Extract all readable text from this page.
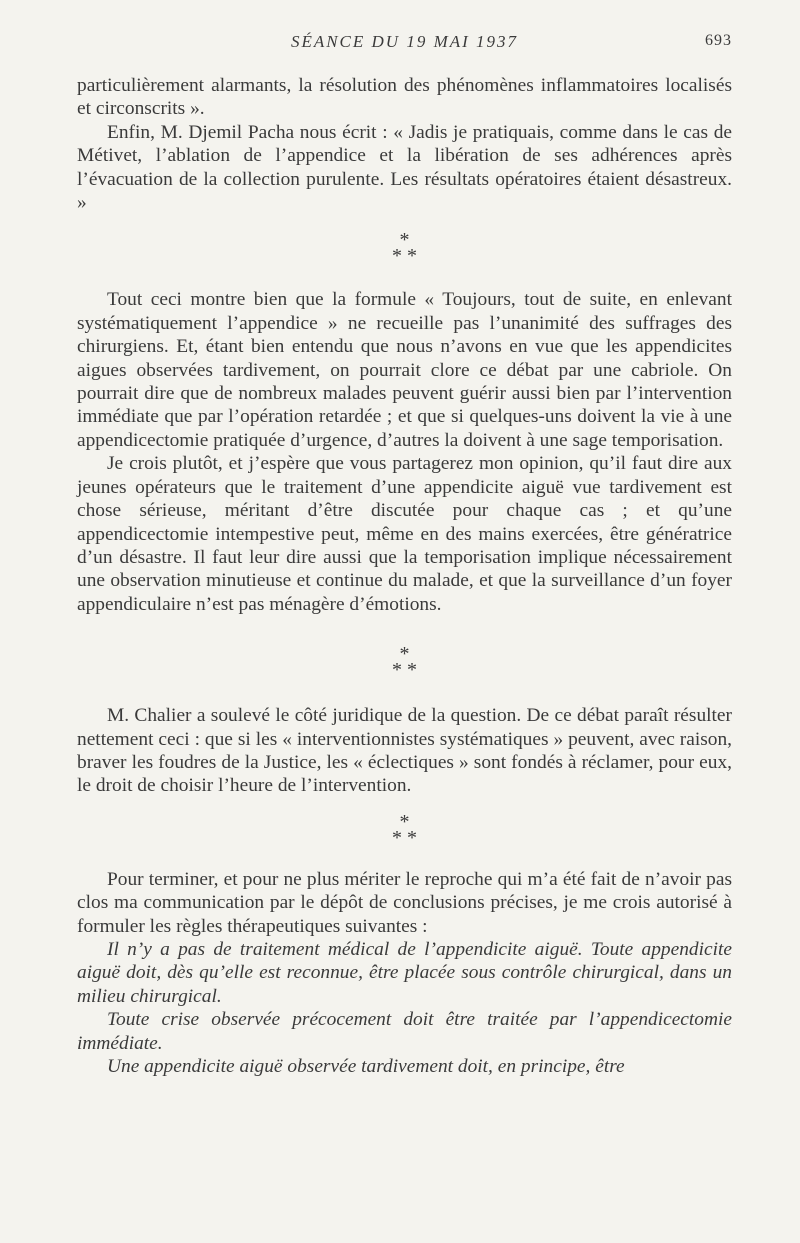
SÉANCE DU 19 MAI 1937	693

particulièrement alarmants, la résolution des phénomènes inflammatoires localisés et circonscrits ».

Enfin, M. Djemil Pacha nous écrit : « Jadis je pratiquais, comme dans le cas de Métivet, l’ablation de l’appendice et la libération de ses adhérences après l’évacuation de la collection purulente. Les résultats opératoires étaient désastreux. »

*
* *

Tout ceci montre bien que la formule « Toujours, tout de suite, en enlevant systématiquement l’appendice » ne recueille pas l’unanimité des suffrages des chirurgiens. Et, étant bien entendu que nous n’avons en vue que les appendicites aigues observées tardivement, on pourrait clore ce débat par une cabriole. On pourrait dire que de nombreux malades peuvent guérir aussi bien par l’intervention immédiate que par l’opération retardée ; et que si quelques-uns doivent la vie à une appendicectomie pratiquée d’urgence, d’autres la doivent à une sage temporisation.

Je crois plutôt, et j’espère que vous partagerez mon opinion, qu’il faut dire aux jeunes opérateurs que le traitement d’une appendicite aiguë vue tardivement est chose sérieuse, méritant d’être discutée pour chaque cas ; et qu’une appendicectomie intempestive peut, même en des mains exercées, être génératrice d’un désastre. Il faut leur dire aussi que la temporisation implique nécessairement une observation minutieuse et continue du malade, et que la surveillance d’un foyer appendiculaire n’est pas ménagère d’émotions.

*
* *

M. Chalier a soulevé le côté juridique de la question. De ce débat paraît résulter nettement ceci : que si les « interventionnistes systématiques » peuvent, avec raison, braver les foudres de la Justice, les « éclectiques » sont fondés à réclamer, pour eux, le droit de choisir l’heure de l’intervention.

*
* *

Pour terminer, et pour ne plus mériter le reproche qui m’a été fait de n’avoir pas clos ma communication par le dépôt de conclusions précises, je me crois autorisé à formuler les règles thérapeutiques suivantes :

Il n’y a pas de traitement médical de l’appendicite aiguë. Toute appendicite aiguë doit, dès qu’elle est reconnue, être placée sous contrôle chirurgical, dans un milieu chirurgical.

Toute crise observée précocement doit être traitée par l’appendicectomie immédiate.

Une appendicite aiguë observée tardivement doit, en principe, être
